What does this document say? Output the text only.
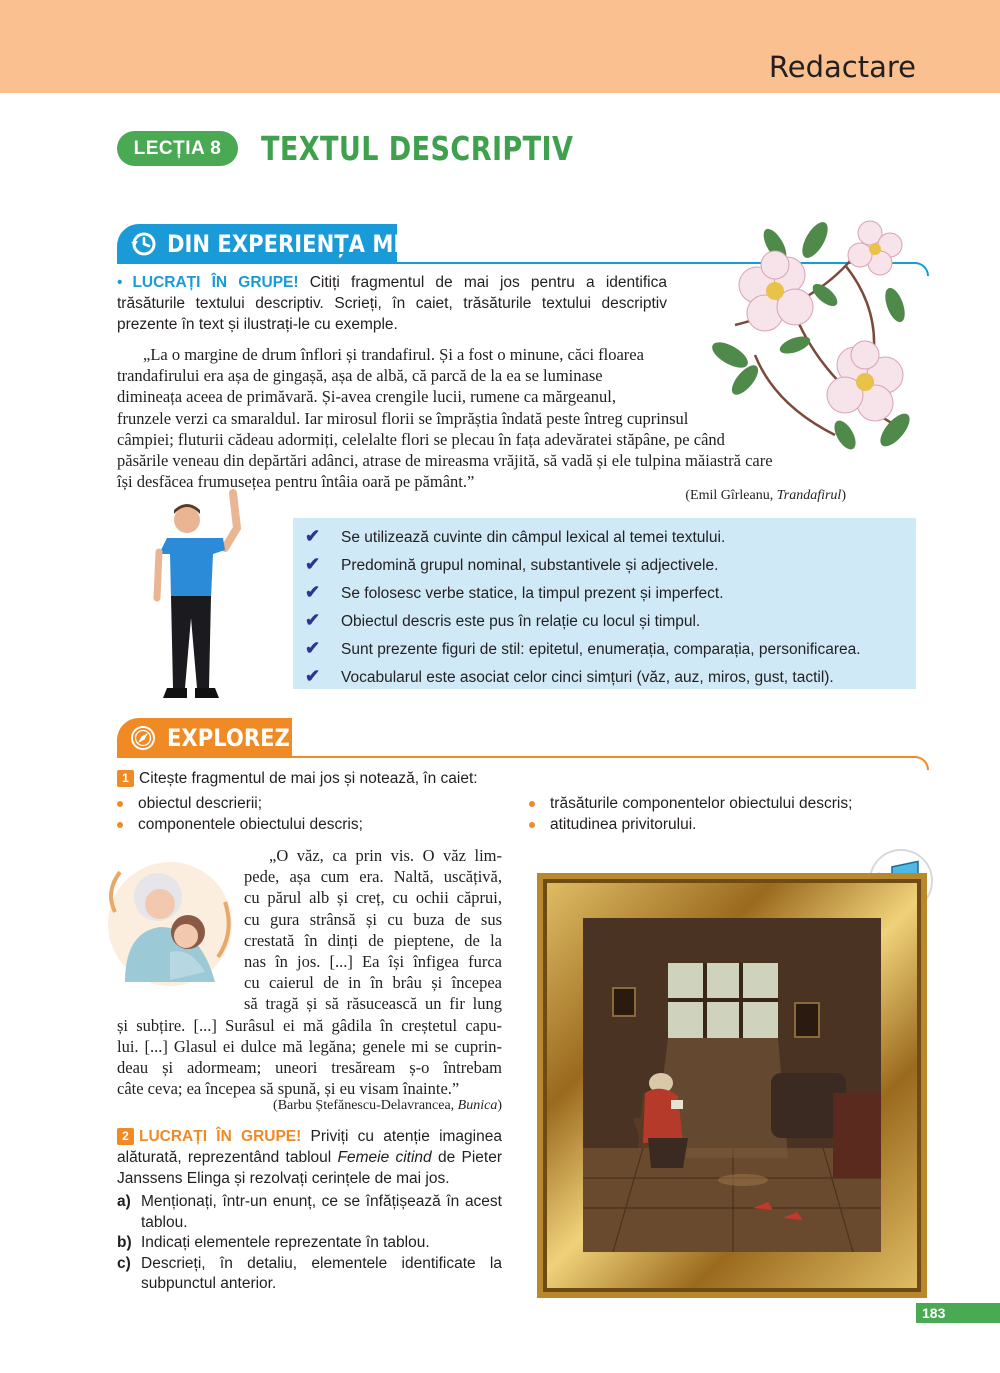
Redactare
LECȚIA 8	TEXTUL DESCRIPTIV
DIN EXPERIENȚA MEA
• LUCRAȚI ÎN GRUPE! Citiți fragmentul de mai jos pentru a identifica trăsăturile textului descriptiv. Scrieți, în caiet, trăsăturile textului descriptiv prezente în text și ilustrați-le cu exemple.
„La o margine de drum înflori și trandafirul. Și a fost o minune, căci floarea
trandafirului era așa de gingașă, așa de albă, că parcă de la ea se luminase
dimineața aceea de primăvară. Și-avea crengile lucii, rumene ca mărgeanul,
frunzele verzi ca smaraldul. Iar mirosul florii se împrăștia îndată peste întreg cuprinsul
câmpiei; fluturii cădeau adormiți, celelalte flori se plecau în fața adevăratei stăpâne, pe când
păsările veneau din depărtări adânci, atrase de mireasma vrăjită, să vadă și ele tulpina măiastră care
își desfăcea frumusețea pentru întâia oară pe pământ.”
(Emil Gîrleanu, Trandafirul)
✔ Se utilizează cuvinte din câmpul lexical al temei textului.
✔ Predomină grupul nominal, substantivele și adjectivele.
✔ Se folosesc verbe statice, la timpul prezent și imperfect.
✔ Obiectul descris este pus în relație cu locul și timpul.
✔ Sunt prezente figuri de stil: epitetul, enumerația, comparația, personificarea.
✔ Vocabularul este asociat celor cinci simțuri (văz, auz, miros, gust, tactil).
EXPLOREZ
1 Citește fragmentul de mai jos și notează, în caiet:
obiectul descrierii;
componentele obiectului descris;
trăsăturile componentelor obiectului descris;
atitudinea privitorului.
„O văz, ca prin vis. O văz lim-
pede, așa cum era. Naltă, uscățivă,
cu părul alb și creț, cu ochii căprui,
cu gura strânsă și cu buza de sus
crestată în dinți de pieptene, de la
nas în jos. [...] Ea își înfigea furca
cu caierul de in în brâu și începea
să tragă și să răsucească un fir lung
și subțire. [...] Surâsul ei mă gâdila în creștetul capu-
lui. [...] Glasul ei dulce mă legăna; genele mi se cuprin-
deau și adormeam; uneori tresăream ș-o întrebam
câte ceva; ea începea să spună, și eu visam înainte.”
(Barbu Ștefănescu-Delavrancea, Bunica)
2 LUCRAȚI ÎN GRUPE! Priviți cu atenție imaginea alăturată, reprezentând tabloul Femeie citind de Pieter Janssens Elinga și rezolvați cerințele de mai jos.
a) Menționați, într-un enunț, ce se înfățișează în acest tablou.
b) Indicați elementele reprezentate în tablou.
c) Descrieți, în detaliu, elementele identificate la subpunctul anterior.
183
